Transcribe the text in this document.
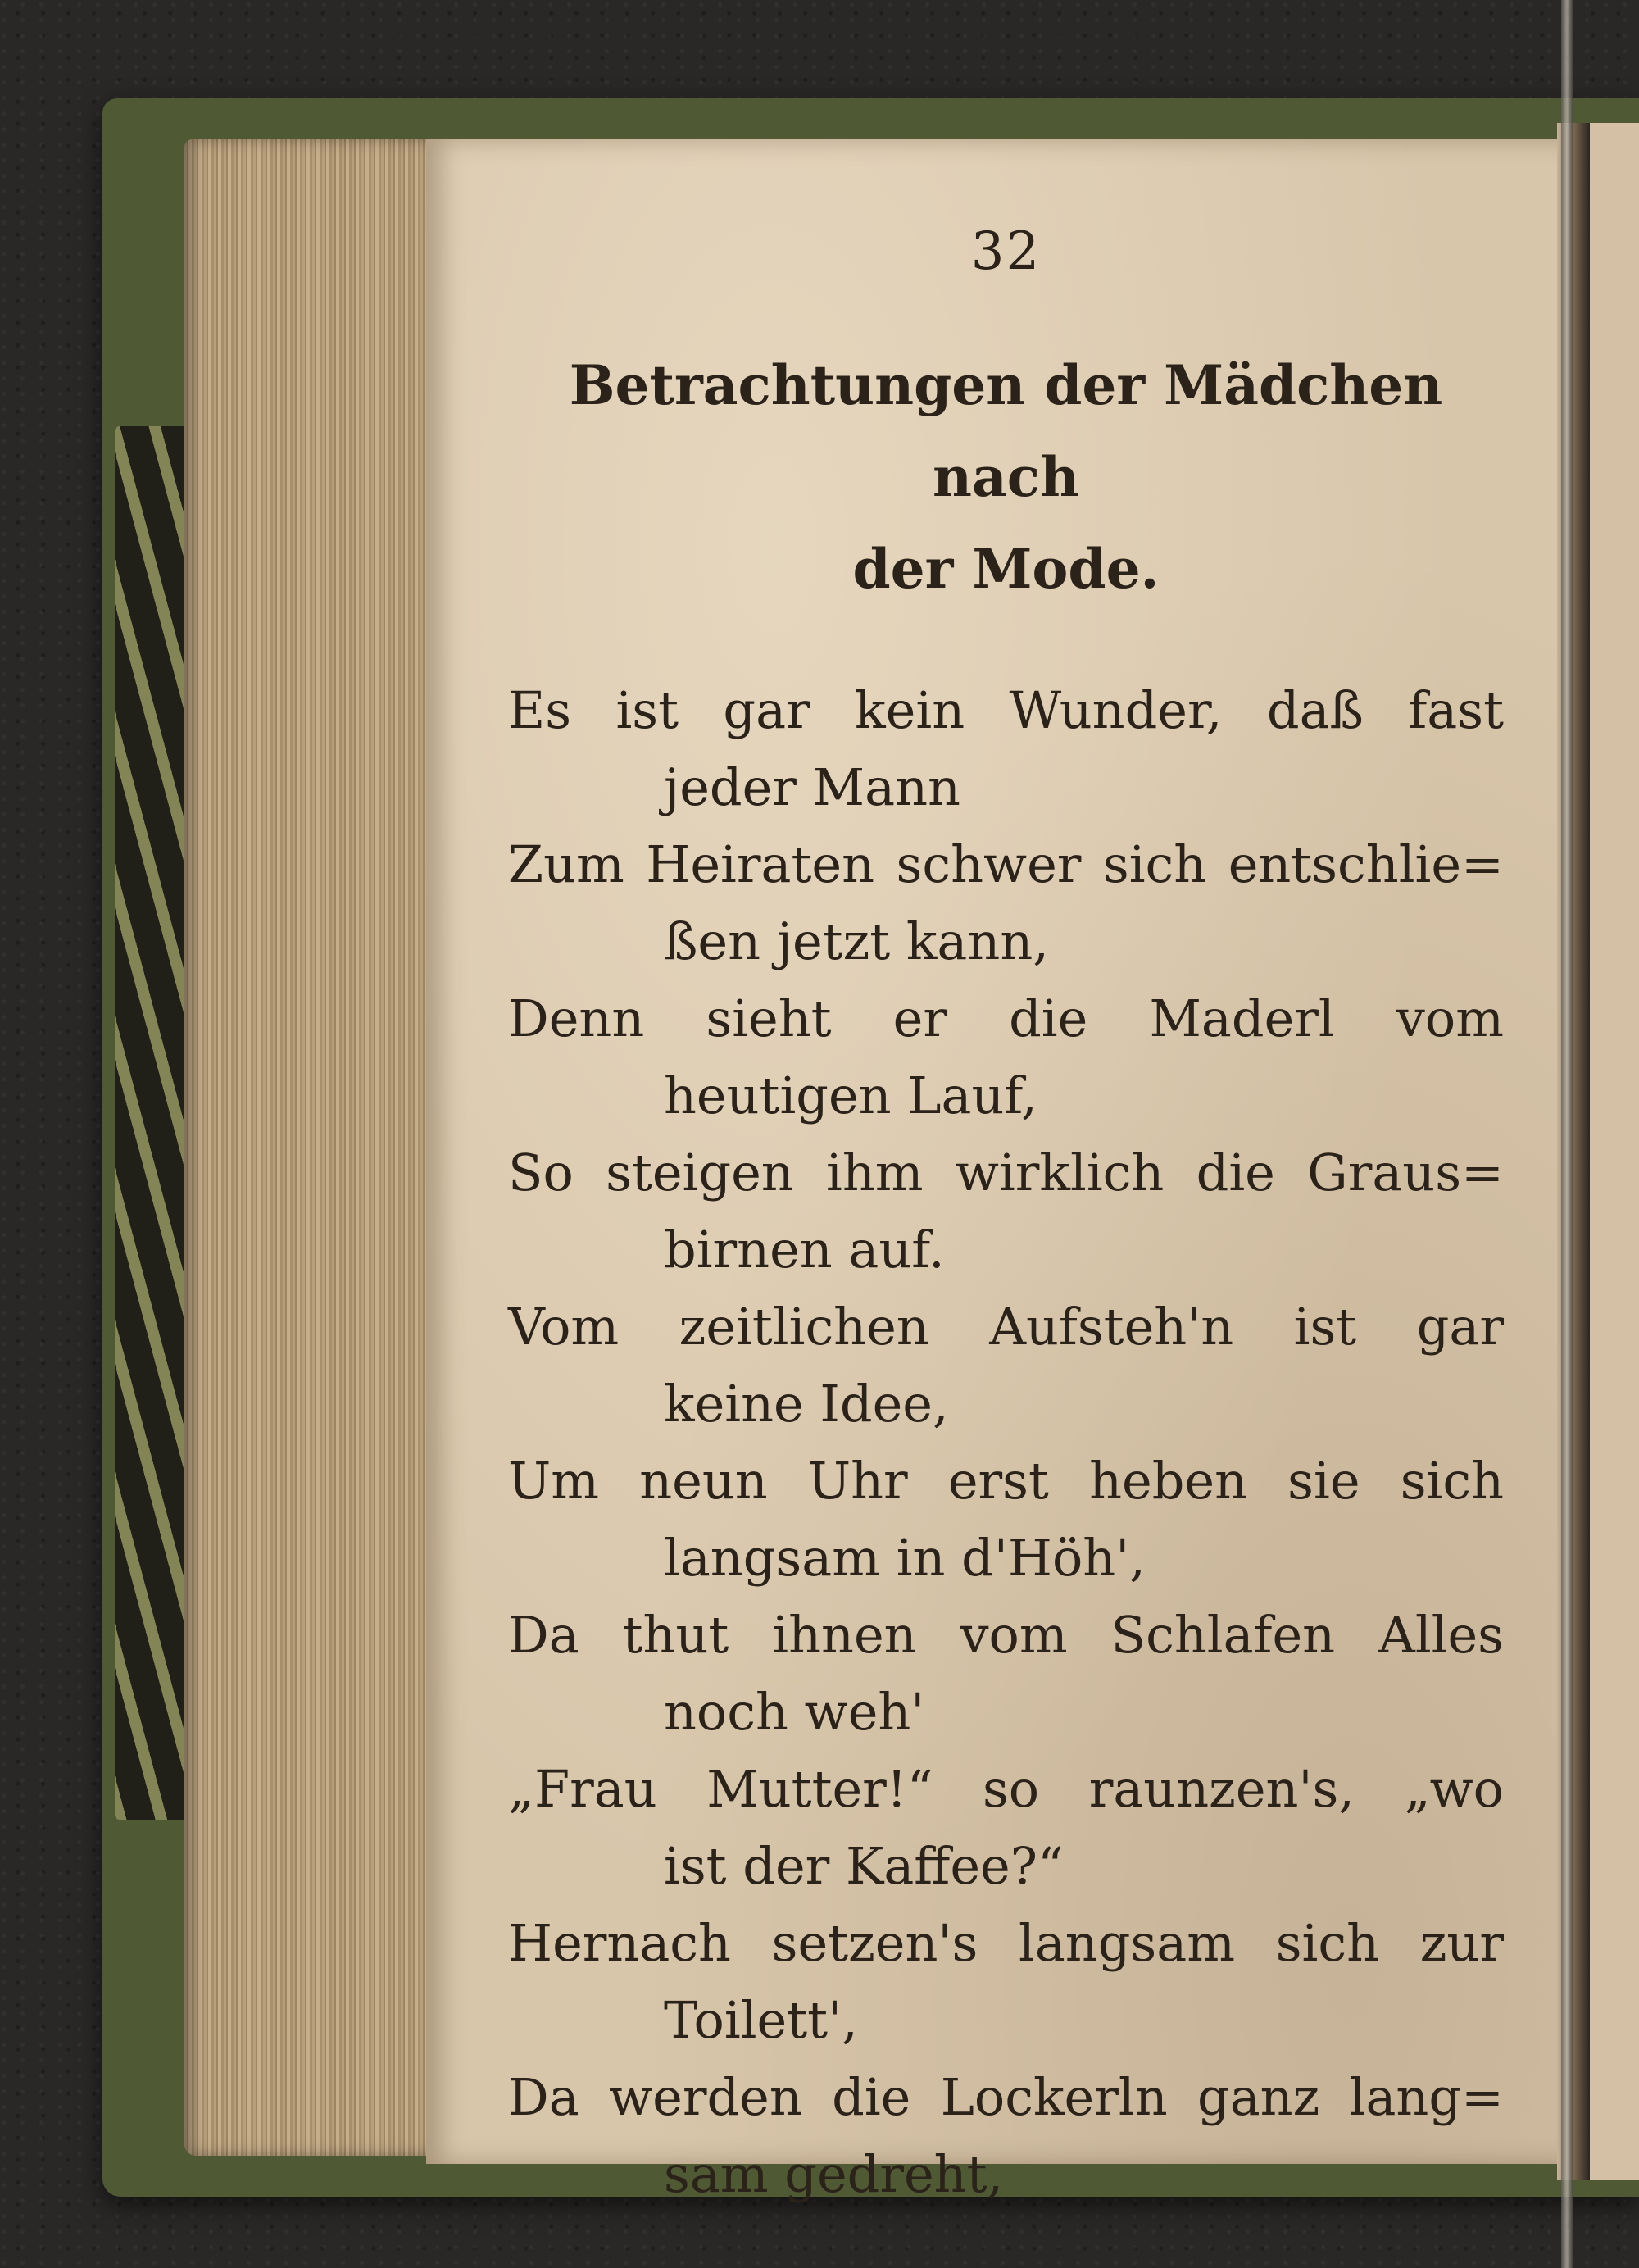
32

Betrachtungen der Mädchen nach
der Mode.

Es ist gar kein Wunder, daß fast

jeder Mann

Zum Heiraten schwer sich entschlie=

ßen jetzt kann,

Denn sieht er die Maderl vom

heutigen Lauf,

So steigen ihm wirklich die Graus=

birnen auf.

Vom zeitlichen Aufsteh'n ist gar

keine Idee,

Um neun Uhr erst heben sie sich

langsam in d'Höh',

Da thut ihnen vom Schlafen Alles

noch weh'

„Frau Mutter!“ so raunzen's, „wo

ist der Kaffee?“

Hernach setzen's langsam sich zur

Toilett',

Da werden die Lockerln ganz lang=

sam gedreht,
